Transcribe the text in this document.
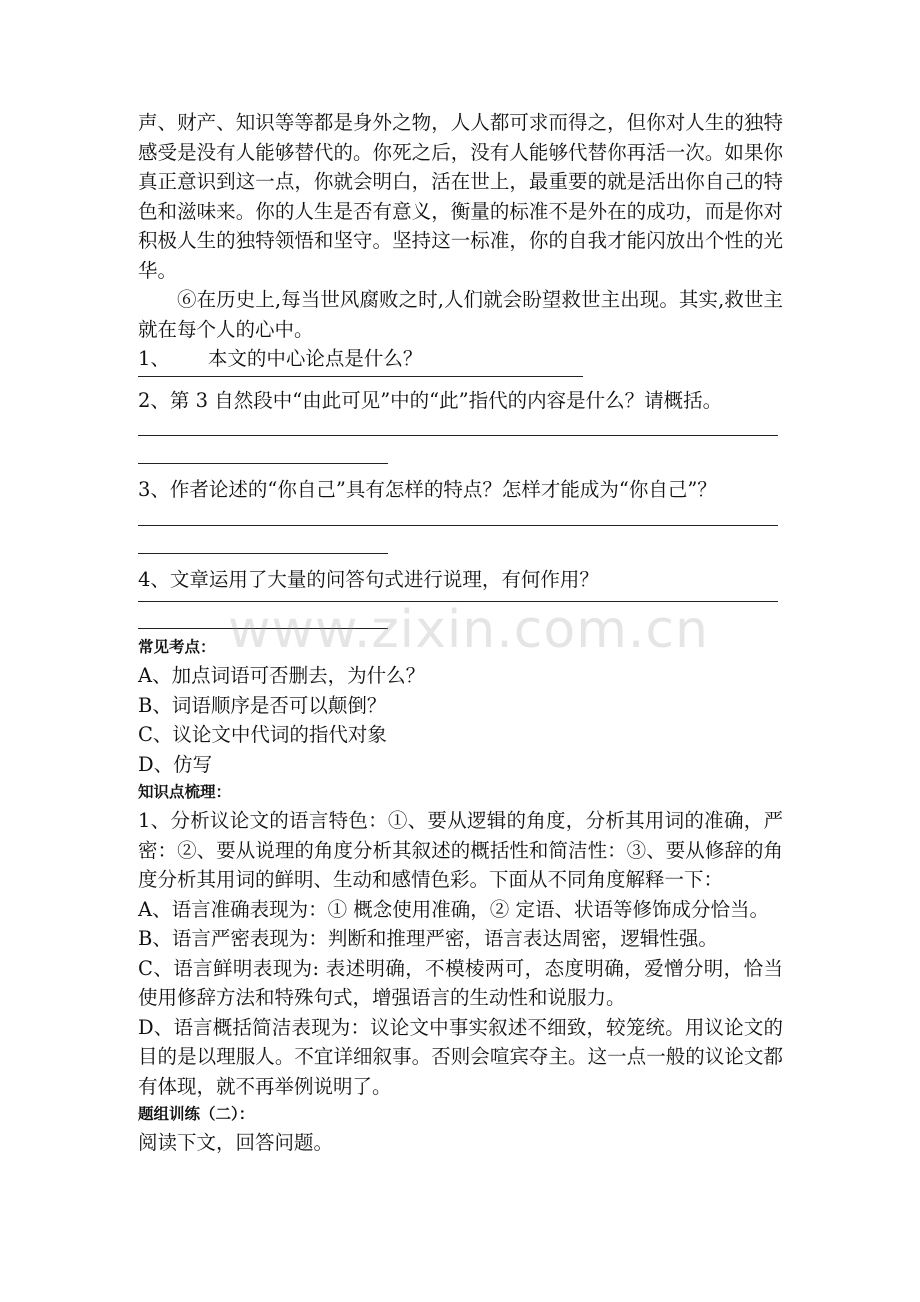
声、财产、知识等等都是身外之物，人人都可求而得之，但你对人生的独特感受是没有人能够替代的。你死之后，没有人能够代替你再活一次。如果你真正意识到这一点，你就会明白，活在世上，最重要的就是活出你自己的特色和滋味来。你的人生是否有意义，衡量的标准不是外在的成功，而是你对积极人生的独特领悟和坚守。坚持这一标准，你的自我才能闪放出个性的光华。

⑥在历史上,每当世风腐败之时,人们就会盼望救世主出现。其实,救世主就在每个人的心中。

1、 本文的中心论点是什么？

2、第 3 自然段中“由此可见”中的“此”指代的内容是什么？请概括。

3、作者论述的“你自己”具有怎样的特点？怎样才能成为“你自己”？

4、文章运用了大量的问答句式进行说理，有何作用？

常见考点：

A、加点词语可否删去，为什么？

B、词语顺序是否可以颠倒？

C、议论文中代词的指代对象

D、仿写

知识点梳理：

1、分析议论文的语言特色：①、要从逻辑的角度，分析其用词的准确，严密：②、要从说理的角度分析其叙述的概括性和简洁性：③、要从修辞的角度分析其用词的鲜明、生动和感情色彩。下面从不同角度解释一下：

A、语言准确表现为：① 概念使用准确，② 定语、状语等修饰成分恰当。

B、语言严密表现为：判断和推理严密，语言表达周密，逻辑性强。

C、语言鲜明表现为: 表述明确，不模棱两可，态度明确，爱憎分明，恰当使用修辞方法和特殊句式，增强语言的生动性和说服力。

D、语言概括简洁表现为：议论文中事实叙述不细致，较笼统。用议论文的目的是以理服人。不宜详细叙事。否则会喧宾夺主。这一点一般的议论文都有体现，就不再举例说明了。

题组训练（二）：

阅读下文，回答问题。

www.zixin.com.cn
